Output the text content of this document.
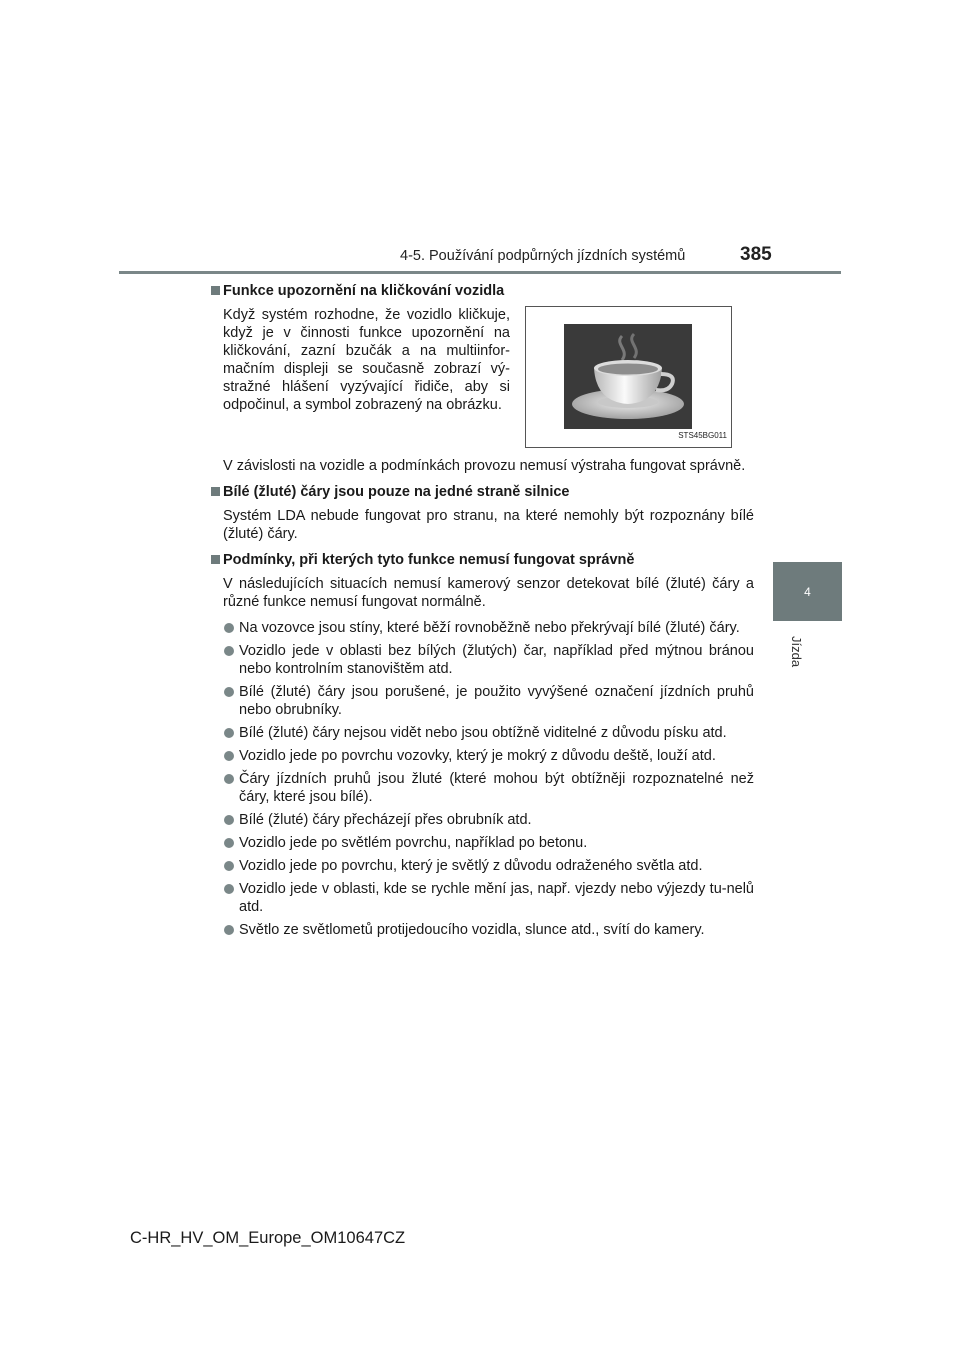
4-5. Používání podpůrných jízdních systémů	385
4
Jízda
Funkce upozornění na kličkování vozidla
Když systém rozhodne, že vozidlo kličkuje, když je v činnosti funkce upozornění na kličkování, zazní bzučák a na multiinfor-mačním displeji se současně zobrazí vý-stražné hlášení vyzývající řidiče, aby si odpočinul, a symbol zobrazený na obrázku.
STS45BG011

V závislosti na vozidle a podmínkách provozu nemusí výstraha fungovat správně.

Bílé (žluté) čáry jsou pouze na jedné straně silnice

Systém LDA nebude fungovat pro stranu, na které nemohly být rozpoznány bílé (žluté) čáry.

Podmínky, při kterých tyto funkce nemusí fungovat správně

V následujících situacích nemusí kamerový senzor detekovat bílé (žluté) čáry a různé funkce nemusí fungovat normálně.

Na vozovce jsou stíny, které běží rovnoběžně nebo překrývají bílé (žluté) čáry.
Vozidlo jede v oblasti bez bílých (žlutých) čar, například před mýtnou bránou nebo kontrolním stanovištěm atd.
Bílé (žluté) čáry jsou porušené, je použito vyvýšené označení jízdních pruhů nebo obrubníky.
Bílé (žluté) čáry nejsou vidět nebo jsou obtížně viditelné z důvodu písku atd.
Vozidlo jede po povrchu vozovky, který je mokrý z důvodu deště, louží atd.
Čáry jízdních pruhů jsou žluté (které mohou být obtížněji rozpoznatelné než čáry, které jsou bílé).
Bílé (žluté) čáry přecházejí přes obrubník atd.
Vozidlo jede po světlém povrchu, například po betonu.
Vozidlo jede po povrchu, který je světlý z důvodu odraženého světla atd.
Vozidlo jede v oblasti, kde se rychle mění jas, např. vjezdy nebo výjezdy tu-nelů atd.
Světlo ze světlometů protijedoucího vozidla, slunce atd., svítí do kamery.
C-HR_HV_OM_Europe_OM10647CZ
